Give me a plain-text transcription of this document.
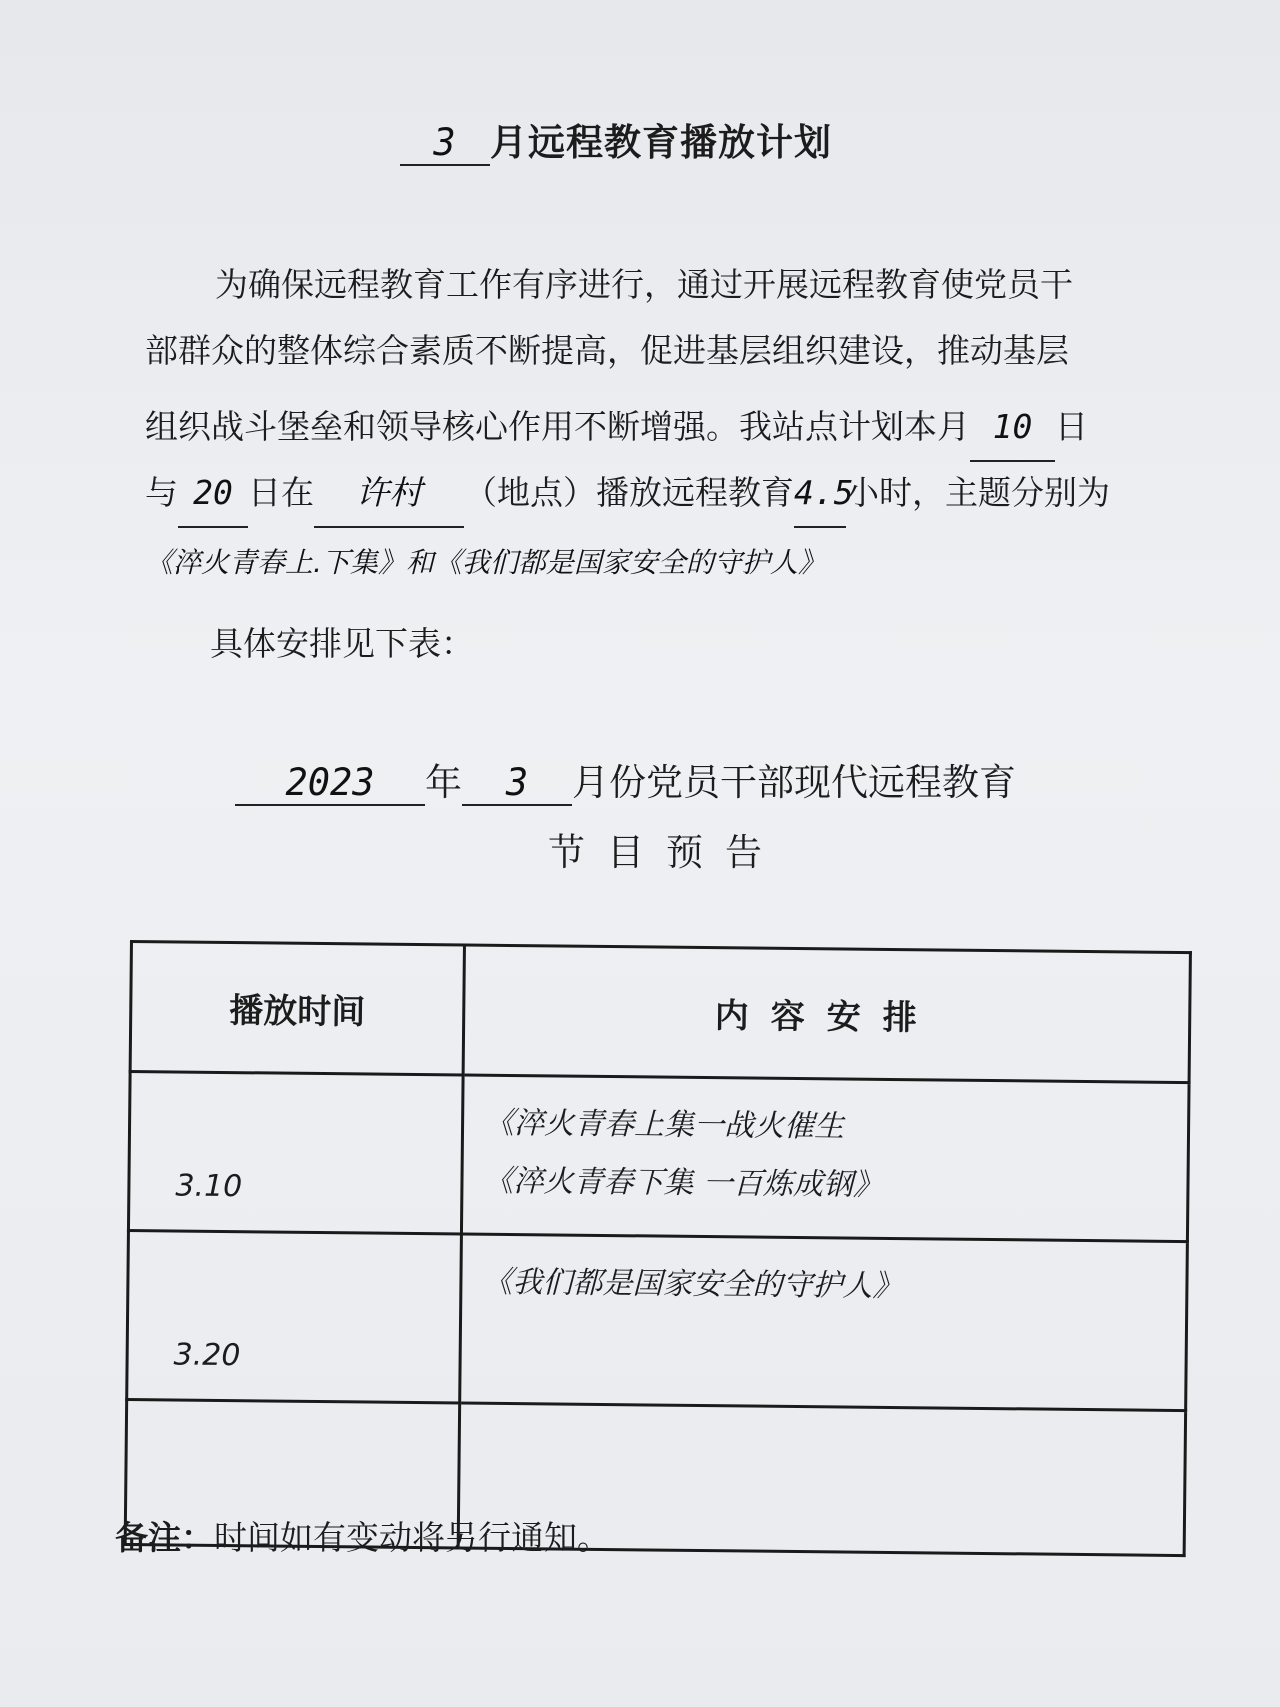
3 月远程教育播放计划
为确保远程教育工作有序进行，通过开展远程教育使党员干
部群众的整体综合素质不断提高，促进基层组织建设，推动基层
组织战斗堡垒和领导核心作用不断增强。我站点计划本月 10 日
与 20 日在 许村 （地点）播放远程教育4.5小时，主题分别为
《淬火青春上.下集》和《我们都是国家安全的守护人》
具体安排见下表：
2023 年 3 月份党员干部现代远程教育
节目预告
播放时间	内容安排
3.10	《淬火青春上集一战火催生
《淬火青春下集 一百炼成钢》

3.20	《我们都是国家安全的守护人》

备注：时间如有变动将另行通知。
